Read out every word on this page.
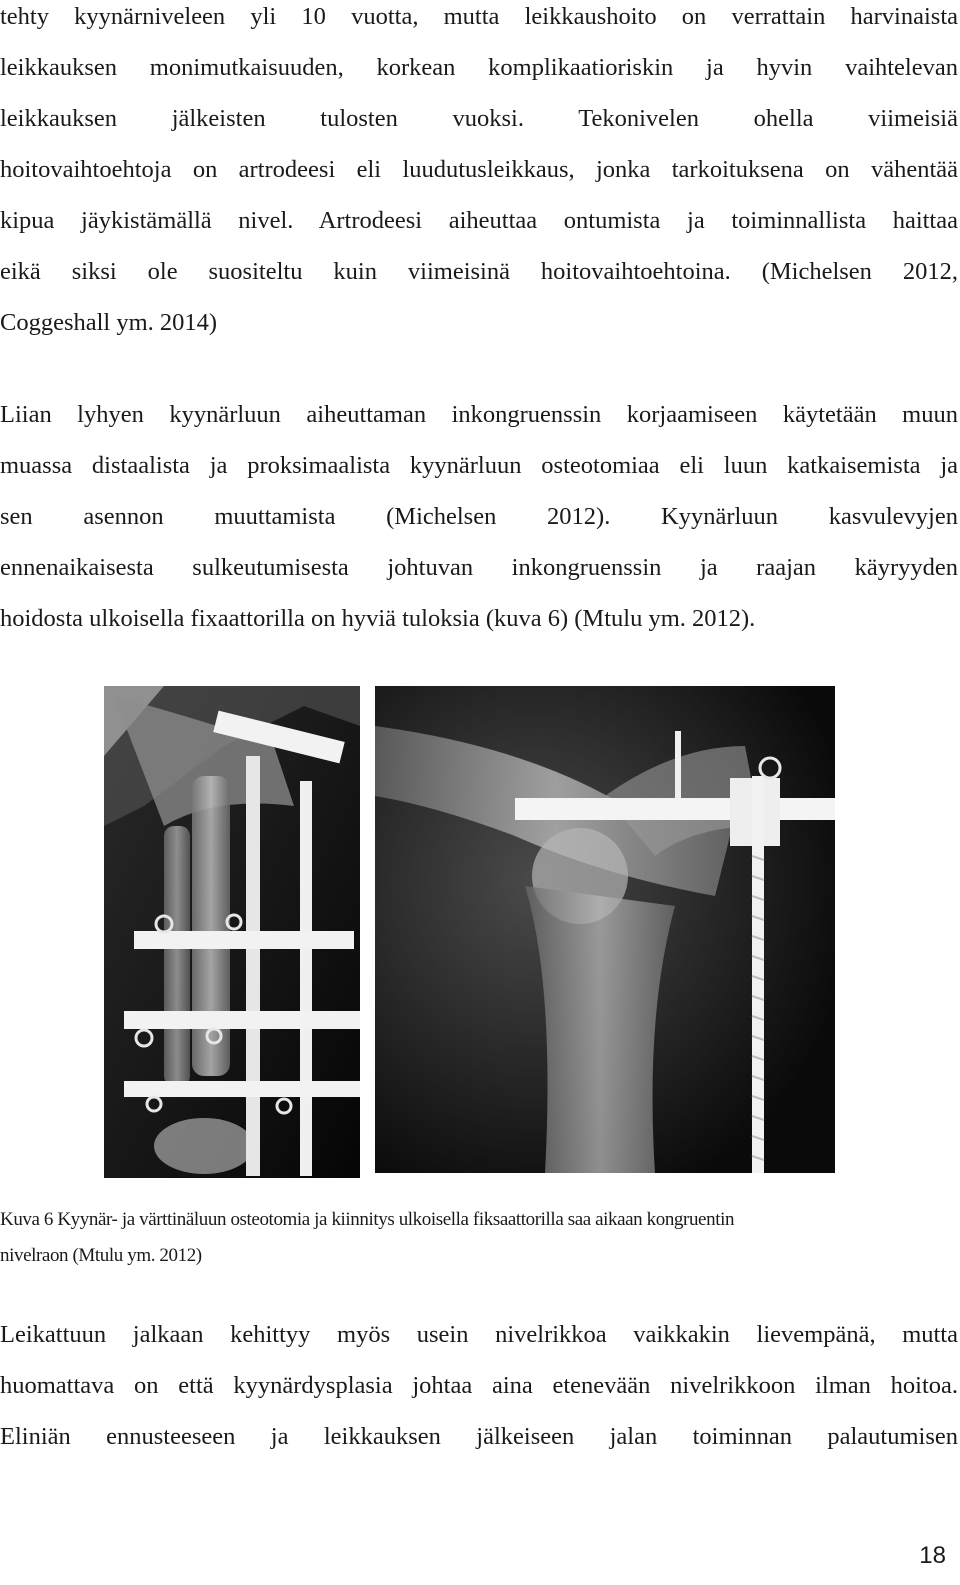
tehty kyynärniveleen yli 10 vuotta, mutta leikkaushoito on verrattain harvinaista
leikkauksen monimutkaisuuden, korkean komplikaatioriskin ja hyvin vaihtelevan
leikkauksen jälkeisten tulosten vuoksi. Tekonivelen ohella viimeisiä
hoitovaihtoehtoja on artrodeesi eli luudutusleikkaus, jonka tarkoituksena on vähentää
kipua jäykistämällä nivel. Artrodeesi aiheuttaa ontumista ja toiminnallista haittaa
eikä siksi ole suositeltu kuin viimeisinä hoitovaihtoehtoina. (Michelsen 2012,
Coggeshall ym. 2014)
Liian lyhyen kyynärluun aiheuttaman inkongruenssin korjaamiseen käytetään muun
muassa distaalista ja proksimaalista kyynärluun osteotomiaa eli luun katkaisemista ja
sen asennon muuttamista (Michelsen 2012). Kyynärluun kasvulevyjen
ennenaikaisesta sulkeutumisesta johtuvan inkongruenssin ja raajan käyryyden
hoidosta ulkoisella fixaattorilla on hyviä tuloksia (kuva 6) (Mtulu ym. 2012).
Kuva 6 Kyynär- ja värttinäluun osteotomia ja kiinnitys ulkoisella fiksaattorilla saa aikaan kongruentin
nivelraon (Mtulu ym. 2012)
Leikattuun jalkaan kehittyy myös usein nivelrikkoa vaikkakin lievempänä, mutta
huomattava on että kyynärdysplasia johtaa aina etenevään nivelrikkoon ilman hoitoa.
Eliniän ennusteeseen ja leikkauksen jälkeiseen jalan toiminnan palautumisen
18
